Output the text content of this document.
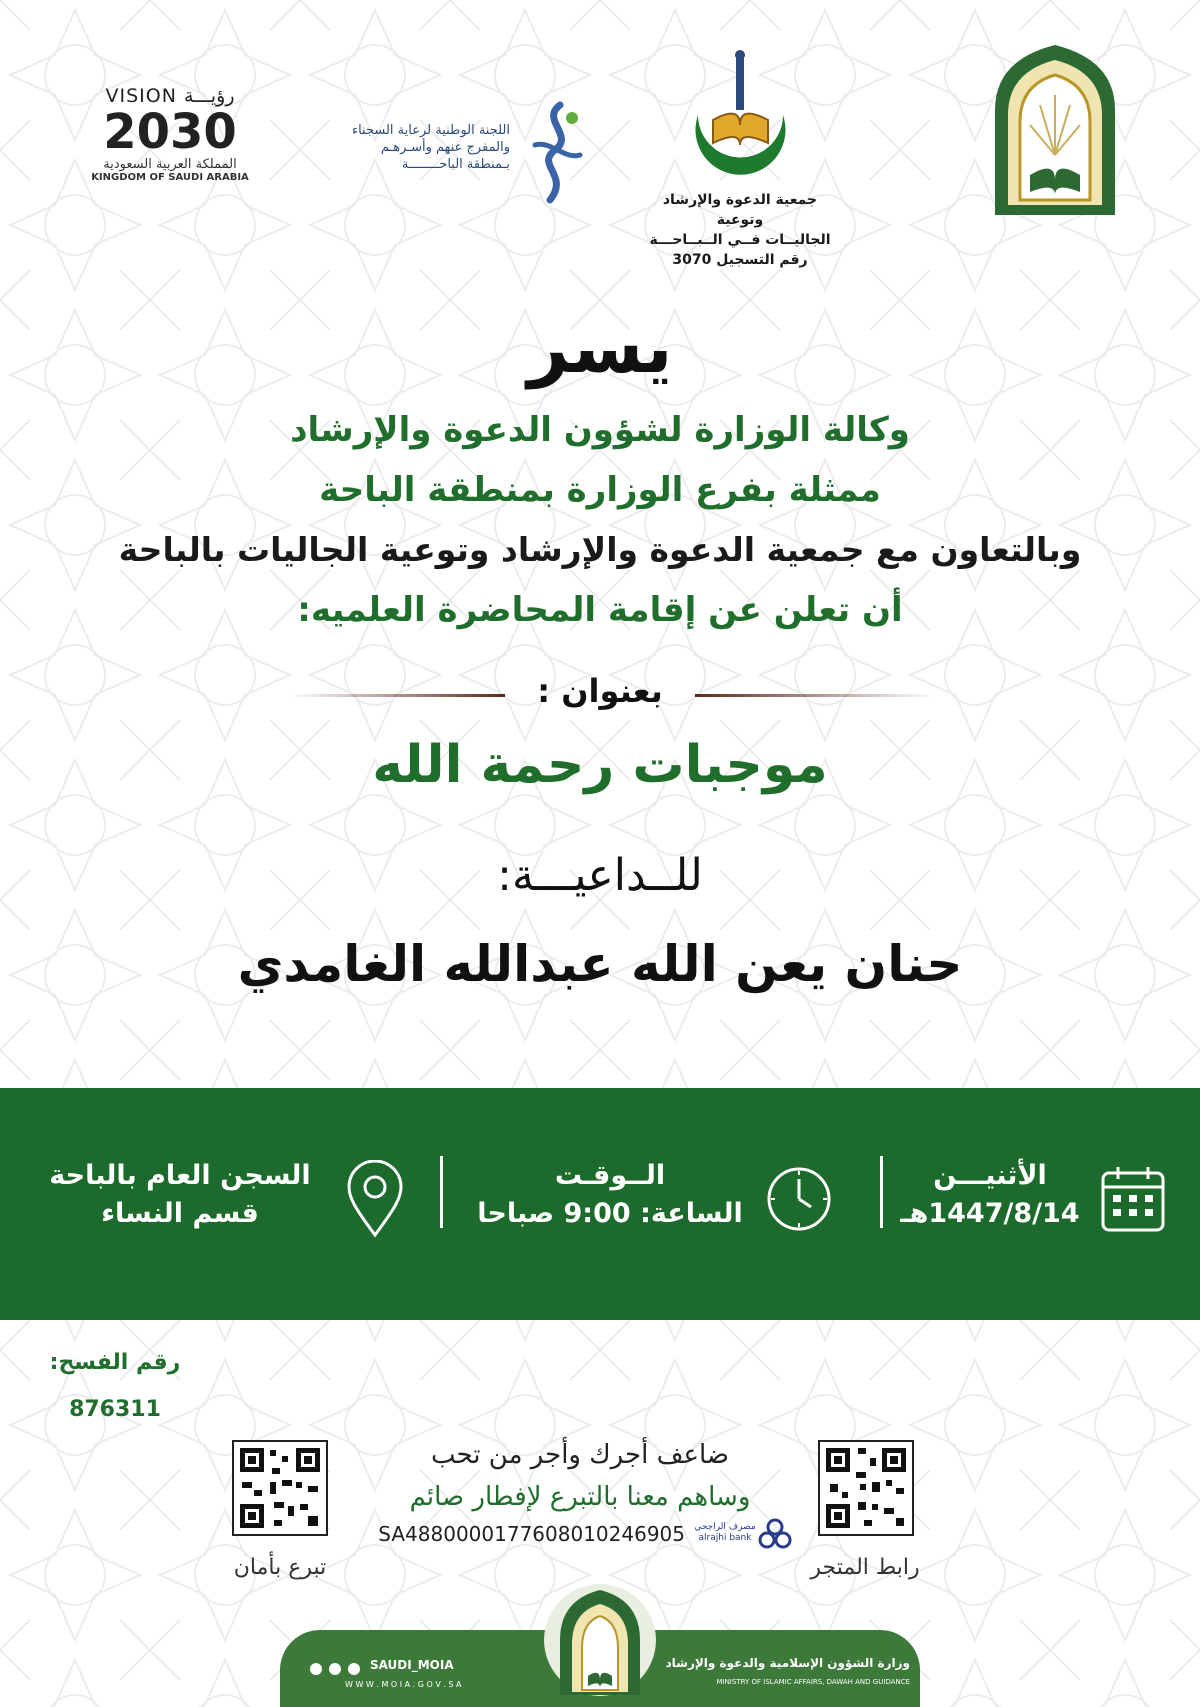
VISION رؤيـــة
2030
المملكة العربية السعودية
KINGDOM OF SAUDI ARABIA
اللجنة الوطنية لرعاية السجناء
والمفرج عنهم وأسـرهـم
بـمنطقة الباحــــــــة
جمعية الدعوة والإرشاد وتوعية
الجاليــات فــي الــبــاحـــة
رقم التسجيل 3070
يسر
وكالة الوزارة لشؤون الدعوة والإرشاد
ممثلة بفرع الوزارة بمنطقة الباحة
وبالتعاون مع جمعية الدعوة والإرشاد وتوعية الجاليات بالباحة
أن تعلن عن إقامة المحاضرة العلميه:
بعنوان :
موجبات رحمة الله
للــداعيـــة:
حنان يعن الله عبدالله الغامدي
الأثنيـــن
1447/8/14هـ
الــوقـت
الساعة: 9:00 صباحا
السجن العام بالباحة
قسم النساء
رقم الفسح:
876311
تبرع بأمان	رابط المتجر
ضاعف أجرك وأجر من تحب
وساهم معنا بالتبرع لإفطار صائم
SA4880000177608010246905	مصرف الراجحي
alrajhi bank

SAUDI_MOIA
W W W . M O I A . G O V . S A
وزارة الشؤون الإسلامية والدعوة والإرشاد
MINISTRY OF ISLAMIC AFFAIRS, DAWAH AND GUIDANCE
